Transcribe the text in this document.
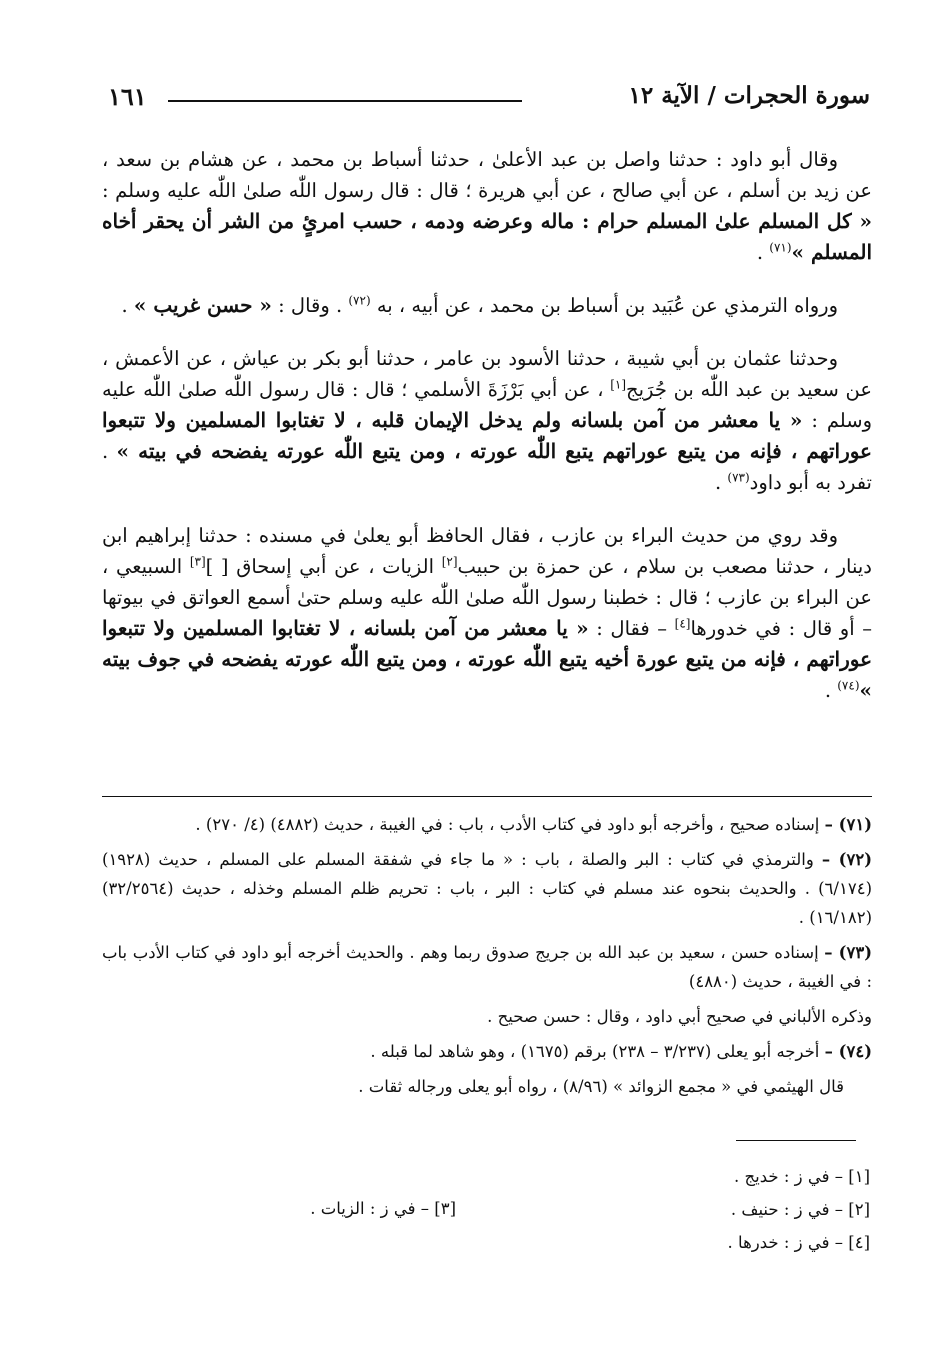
١٦١	سورة الحجرات / الآية ١٢

وقال أبو داود : حدثنا واصل بن عبد الأعلىٰ ، حدثنا أسباط بن محمد ، عن هشام بن سعد ، عن زيد بن أسلم ، عن أبي صالح ، عن أبي هريرة ؛ قال : قال رسول اللّٰه صلىٰ اللّٰه عليه وسلم : « كل المسلم علىٰ المسلم حرام : ماله وعرضه ودمه ، حسب امرئٍ من الشر أن يحقر أخاه المسلم »$^{(٧١)}$ .

ورواه الترمذي عن عُبَيد بن أسباط بن محمد ، عن أبيه ، به $^{(٧٢)}$ . وقال : « حسن غريب » .

وحدثنا عثمان بن أبي شيبة ، حدثنا الأسود بن عامر ، حدثنا أبو بكر بن عياش ، عن الأعمش ، عن سعيد بن عبد اللّٰه بن جُرَيج[١] ، عن أبي بَرْزَةَ الأسلمي ؛ قال : قال رسول اللّٰه صلىٰ اللّٰه عليه وسلم : « يا معشر من آمن بلسانه ولم يدخل الإيمان قلبه ، لا تغتابوا المسلمين ولا تتبعوا عوراتهم ، فإنه من يتبع عوراتهم يتبع اللّٰه عورته ، ومن يتبع اللّٰه عورته يفضحه في بيته » . تفرد به أبو داود$^{(٧٣)}$ .

وقد روي من حديث البراء بن عازب ، فقال الحافظ أبو يعلىٰ في مسنده : حدثنا إبراهيم ابن دينار ، حدثنا مصعب بن سلام ، عن حمزة بن حبيب[٢] الزيات ، عن أبي إسحاق [ ][٣] السبيعي ، عن البراء بن عازب ؛ قال : خطبنا رسول اللّٰه صلىٰ اللّٰه عليه وسلم حتىٰ أسمع العواتق في بيوتها – أو قال : في خدورها[٤] – فقال : « يا معشر من آمن بلسانه ، لا تغتابوا المسلمين ولا تتبعوا عوراتهم ، فإنه من يتبع عورة أخيه يتبع اللّٰه عورته ، ومن يتبع اللّٰه عورته يفضحه في جوف بيته »$^{(٧٤)}$ .

(٧١) – إسناده صحيح ، وأخرجه أبو داود في كتاب الأدب ، باب : في الغيبة ، حديث (٤٨٨٢) (٤/ ٢٧٠) .

(٧٢) – والترمذي في كتاب : البر والصلة ، باب : « ما جاء في شفقة المسلم على المسلم ، حديث (١٩٢٨) (٦/١٧٤) . والحديث بنحوه عند مسلم في كتاب : البر ، باب : تحريم ظلم المسلم وخذله ، حديث (٣٢/٢٥٦٤) (١٦/١٨٢) .

(٧٣) – إسناده حسن ، سعيد بن عبد الله بن جريج صدوق ربما وهم . والحديث أخرجه أبو داود في كتاب الأدب باب : في الغيبة ، حديث (٤٨٨٠)

وذكره الألباني في صحيح أبي داود ، وقال : حسن صحيح .

(٧٤) – أخرجه أبو يعلى (٣/٢٣٧ – ٢٣٨) برقم (١٦٧٥) ، وهو شاهد لما قبله .

قال الهيثمي في « مجمع الزوائد » (٨/٩٦) ، رواه أبو يعلى ورجاله ثقات .

[١] – في ز : خديج .
[٢] – في ز : حنيف .
[٤] – في ز : خدرها .
[٣] – في ز : الزيات .
